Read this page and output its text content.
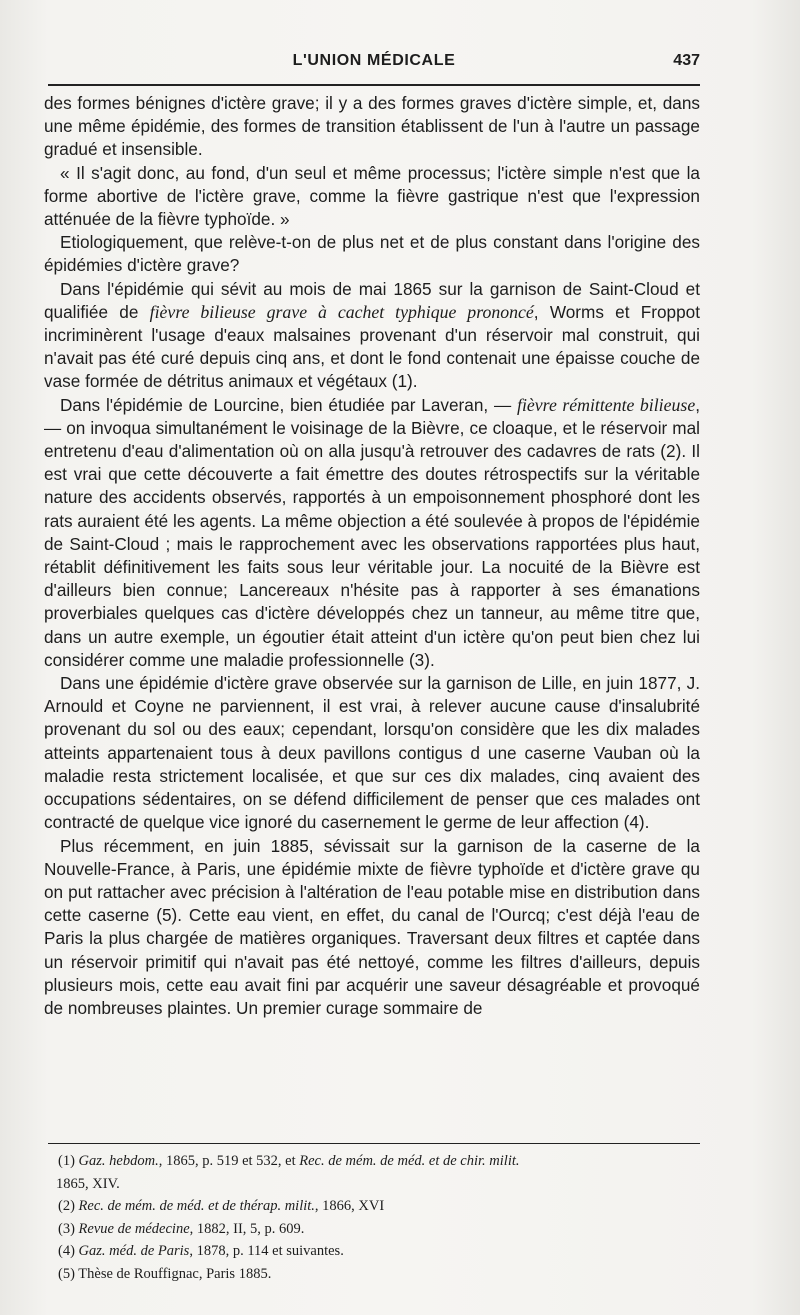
L'UNION MÉDICALE	437

des formes bénignes d'ictère grave; il y a des formes graves d'ictère simple, et, dans une même épidémie, des formes de transition établissent de l'un à l'autre un passage gradué et insensible.

« Il s'agit donc, au fond, d'un seul et même processus; l'ictère simple n'est que la forme abortive de l'ictère grave, comme la fièvre gastrique n'est que l'expression atténuée de la fièvre typhoïde. »

Etiologiquement, que relève-t-on de plus net et de plus constant dans l'origine des épidémies d'ictère grave?

Dans l'épidémie qui sévit au mois de mai 1865 sur la garnison de Saint-Cloud et qualifiée de fièvre bilieuse grave à cachet typhique prononcé, Worms et Froppot incriminèrent l'usage d'eaux malsaines provenant d'un réservoir mal construit, qui n'avait pas été curé depuis cinq ans, et dont le fond contenait une épaisse couche de vase formée de détritus animaux et végétaux (1).

Dans l'épidémie de Lourcine, bien étudiée par Laveran, — fièvre rémittente bilieuse, — on invoqua simultanément le voisinage de la Bièvre, ce cloaque, et le réservoir mal entretenu d'eau d'alimentation où on alla jusqu'à retrouver des cadavres de rats (2). Il est vrai que cette découverte a fait émettre des doutes rétrospectifs sur la véritable nature des accidents observés, rapportés à un empoisonnement phosphoré dont les rats auraient été les agents. La même objection a été soulevée à propos de l'épidémie de Saint-Cloud ; mais le rapprochement avec les observations rapportées plus haut, rétablit définitivement les faits sous leur véritable jour. La nocuité de la Bièvre est d'ailleurs bien connue; Lancereaux n'hésite pas à rapporter à ses émanations proverbiales quelques cas d'ictère développés chez un tanneur, au même titre que, dans un autre exemple, un égoutier était atteint d'un ictère qu'on peut bien chez lui considérer comme une maladie professionnelle (3).

Dans une épidémie d'ictère grave observée sur la garnison de Lille, en juin 1877, J. Arnould et Coyne ne parviennent, il est vrai, à relever aucune cause d'insalubrité provenant du sol ou des eaux; cependant, lorsqu'on considère que les dix malades atteints appartenaient tous à deux pavillons contigus d une caserne Vauban où la maladie resta strictement localisée, et que sur ces dix malades, cinq avaient des occupations sédentaires, on se défend difficilement de penser que ces malades ont contracté de quelque vice ignoré du casernement le germe de leur affection (4).

Plus récemment, en juin 1885, sévissait sur la garnison de la caserne de la Nouvelle-France, à Paris, une épidémie mixte de fièvre typhoïde et d'ictère grave qu on put rattacher avec précision à l'altération de l'eau potable mise en distribution dans cette caserne (5). Cette eau vient, en effet, du canal de l'Ourcq; c'est déjà l'eau de Paris la plus chargée de matières organiques. Traversant deux filtres et captée dans un réservoir primitif qui n'avait pas été nettoyé, comme les filtres d'ailleurs, depuis plusieurs mois, cette eau avait fini par acquérir une saveur désagréable et provoqué de nombreuses plaintes. Un premier curage sommaire de

(1) Gaz. hebdom., 1865, p. 519 et 532, et Rec. de mém. de méd. et de chir. milit.
1865, XIV.
(2) Rec. de mém. de méd. et de thérap. milit., 1866, XVI
(3) Revue de médecine, 1882, II, 5, p. 609.
(4) Gaz. méd. de Paris, 1878, p. 114 et suivantes.
(5) Thèse de Rouffignac, Paris 1885.
